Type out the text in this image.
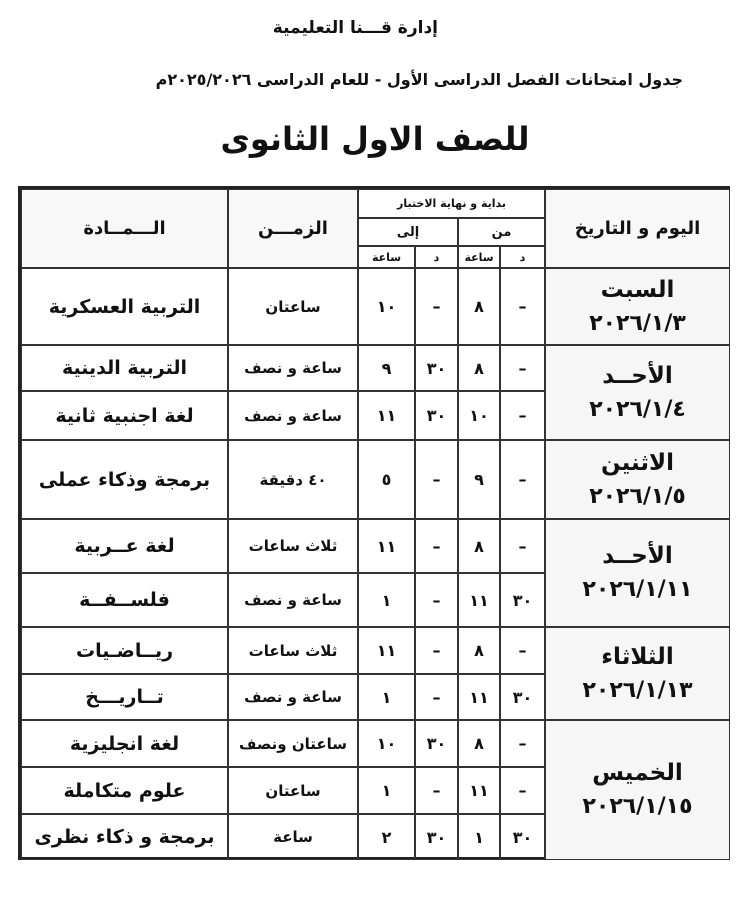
إدارة قـــنا التعليمية
جدول امتحانات الفصل الدراسى الأول - للعام الدراسى ٢٠٢٥/٢٠٢٦م
للصف الاول الثانوى
اليوم و التاريخ
بداية و نهاية الاختبار
من
إلى
د
ساعة
د
ساعة
الزمـــن
الـــمــادة
السبت
٢٠٢٦/١/٣
الأحــد
٢٠٢٦/١/٤
الاثنين
٢٠٢٦/١/٥
الأحــد
٢٠٢٦/١/١١
الثلاثاء
٢٠٢٦/١/١٣
الخميس
٢٠٢٦/١/١٥
–
٨
–
١٠
ساعتان
التربية العسكرية
–
٨
٣٠
٩
ساعة و نصف
التربية الدينية
–
١٠
٣٠
١١
ساعة و نصف
لغة اجنبية ثانية
–
٩
–
٥
٤٠ دقيقة
برمجة وذكاء عملى
–
٨
–
١١
ثلاث ساعات
لغة عــربية
٣٠
١١
–
١
ساعة و نصف
فلســفــة
–
٨
–
١١
ثلاث ساعات
ريــاضـيات
٣٠
١١
–
١
ساعة و نصف
تــاريـــخ
–
٨
٣٠
١٠
ساعتان ونصف
لغة انجليزية
–
١١
–
١
ساعتان
علوم متكاملة
٣٠
١
٣٠
٢
ساعة
برمجة و ذكاء نظرى
